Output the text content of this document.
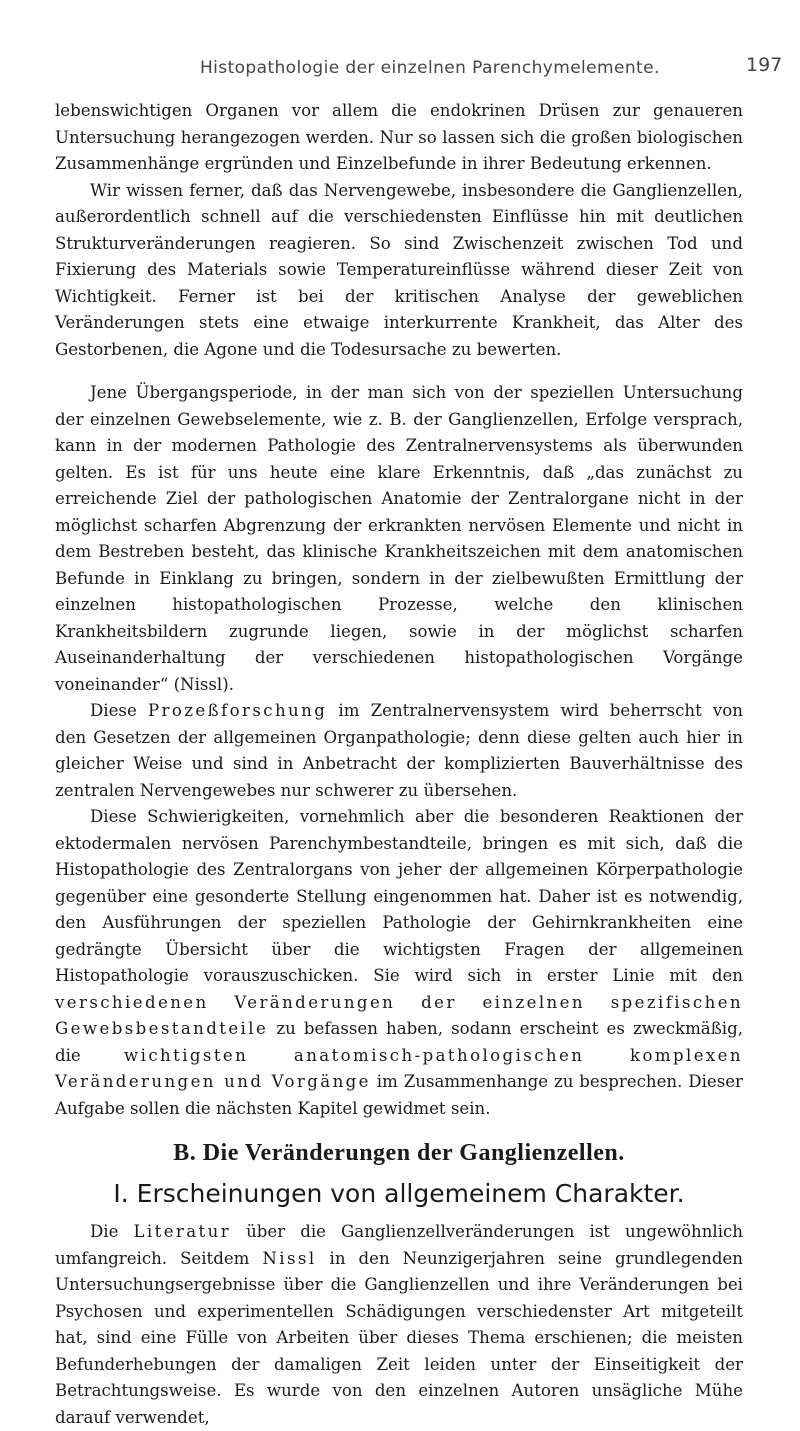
Histopathologie der einzelnen Parenchymelemente.	197

lebenswichtigen Organen vor allem die endokrinen Drüsen zur genaueren Untersuchung herangezogen werden. Nur so lassen sich die großen biologischen Zusammenhänge ergründen und Einzelbefunde in ihrer Bedeutung erkennen.

Wir wissen ferner, daß das Nervengewebe, insbesondere die Ganglienzellen, außerordentlich schnell auf die verschiedensten Einflüsse hin mit deutlichen Strukturveränderungen reagieren. So sind Zwischenzeit zwischen Tod und Fixierung des Materials sowie Temperatureinflüsse während dieser Zeit von Wichtigkeit. Ferner ist bei der kritischen Analyse der geweblichen Veränderungen stets eine etwaige interkurrente Krankheit, das Alter des Gestorbenen, die Agone und die Todesursache zu bewerten.

Jene Übergangsperiode, in der man sich von der speziellen Untersuchung der einzelnen Gewebselemente, wie z. B. der Ganglienzellen, Erfolge versprach, kann in der modernen Pathologie des Zentralnervensystems als überwunden gelten. Es ist für uns heute eine klare Erkenntnis, daß „das zunächst zu erreichende Ziel der pathologischen Anatomie der Zentralorgane nicht in der möglichst scharfen Abgrenzung der erkrankten nervösen Elemente und nicht in dem Bestreben besteht, das klinische Krankheitszeichen mit dem anatomischen Befunde in Einklang zu bringen, sondern in der zielbewußten Ermittlung der einzelnen histopathologischen Prozesse, welche den klinischen Krankheitsbildern zugrunde liegen, sowie in der möglichst scharfen Auseinanderhaltung der verschiedenen histopathologischen Vorgänge voneinander“ (Nissl).

Diese Prozeßforschung im Zentralnervensystem wird beherrscht von den Gesetzen der allgemeinen Organpathologie; denn diese gelten auch hier in gleicher Weise und sind in Anbetracht der komplizierten Bauverhältnisse des zentralen Nervengewebes nur schwerer zu übersehen.

Diese Schwierigkeiten, vornehmlich aber die besonderen Reaktionen der ektodermalen nervösen Parenchymbestandteile, bringen es mit sich, daß die Histopathologie des Zentralorgans von jeher der allgemeinen Körperpathologie gegenüber eine gesonderte Stellung eingenommen hat. Daher ist es notwendig, den Ausführungen der speziellen Pathologie der Gehirnkrankheiten eine gedrängte Übersicht über die wichtigsten Fragen der allgemeinen Histopathologie vorauszuschicken. Sie wird sich in erster Linie mit den verschiedenen Veränderungen der einzelnen spezifischen Gewebsbestandteile zu befassen haben, sodann erscheint es zweckmäßig, die wichtigsten anatomisch-pathologischen komplexen Veränderungen und Vorgänge im Zusammenhange zu besprechen. Dieser Aufgabe sollen die nächsten Kapitel gewidmet sein.

B. Die Veränderungen der Ganglienzellen.
I. Erscheinungen von allgemeinem Charakter.

Die Literatur über die Ganglienzellveränderungen ist ungewöhnlich umfangreich. Seitdem Nissl in den Neunzigerjahren seine grundlegenden Untersuchungsergebnisse über die Ganglienzellen und ihre Veränderungen bei Psychosen und experimentellen Schädigungen verschiedenster Art mitgeteilt hat, sind eine Fülle von Arbeiten über dieses Thema erschienen; die meisten Befunderhebungen der damaligen Zeit leiden unter der Einseitigkeit der Betrachtungsweise. Es wurde von den einzelnen Autoren unsägliche Mühe darauf verwendet,
